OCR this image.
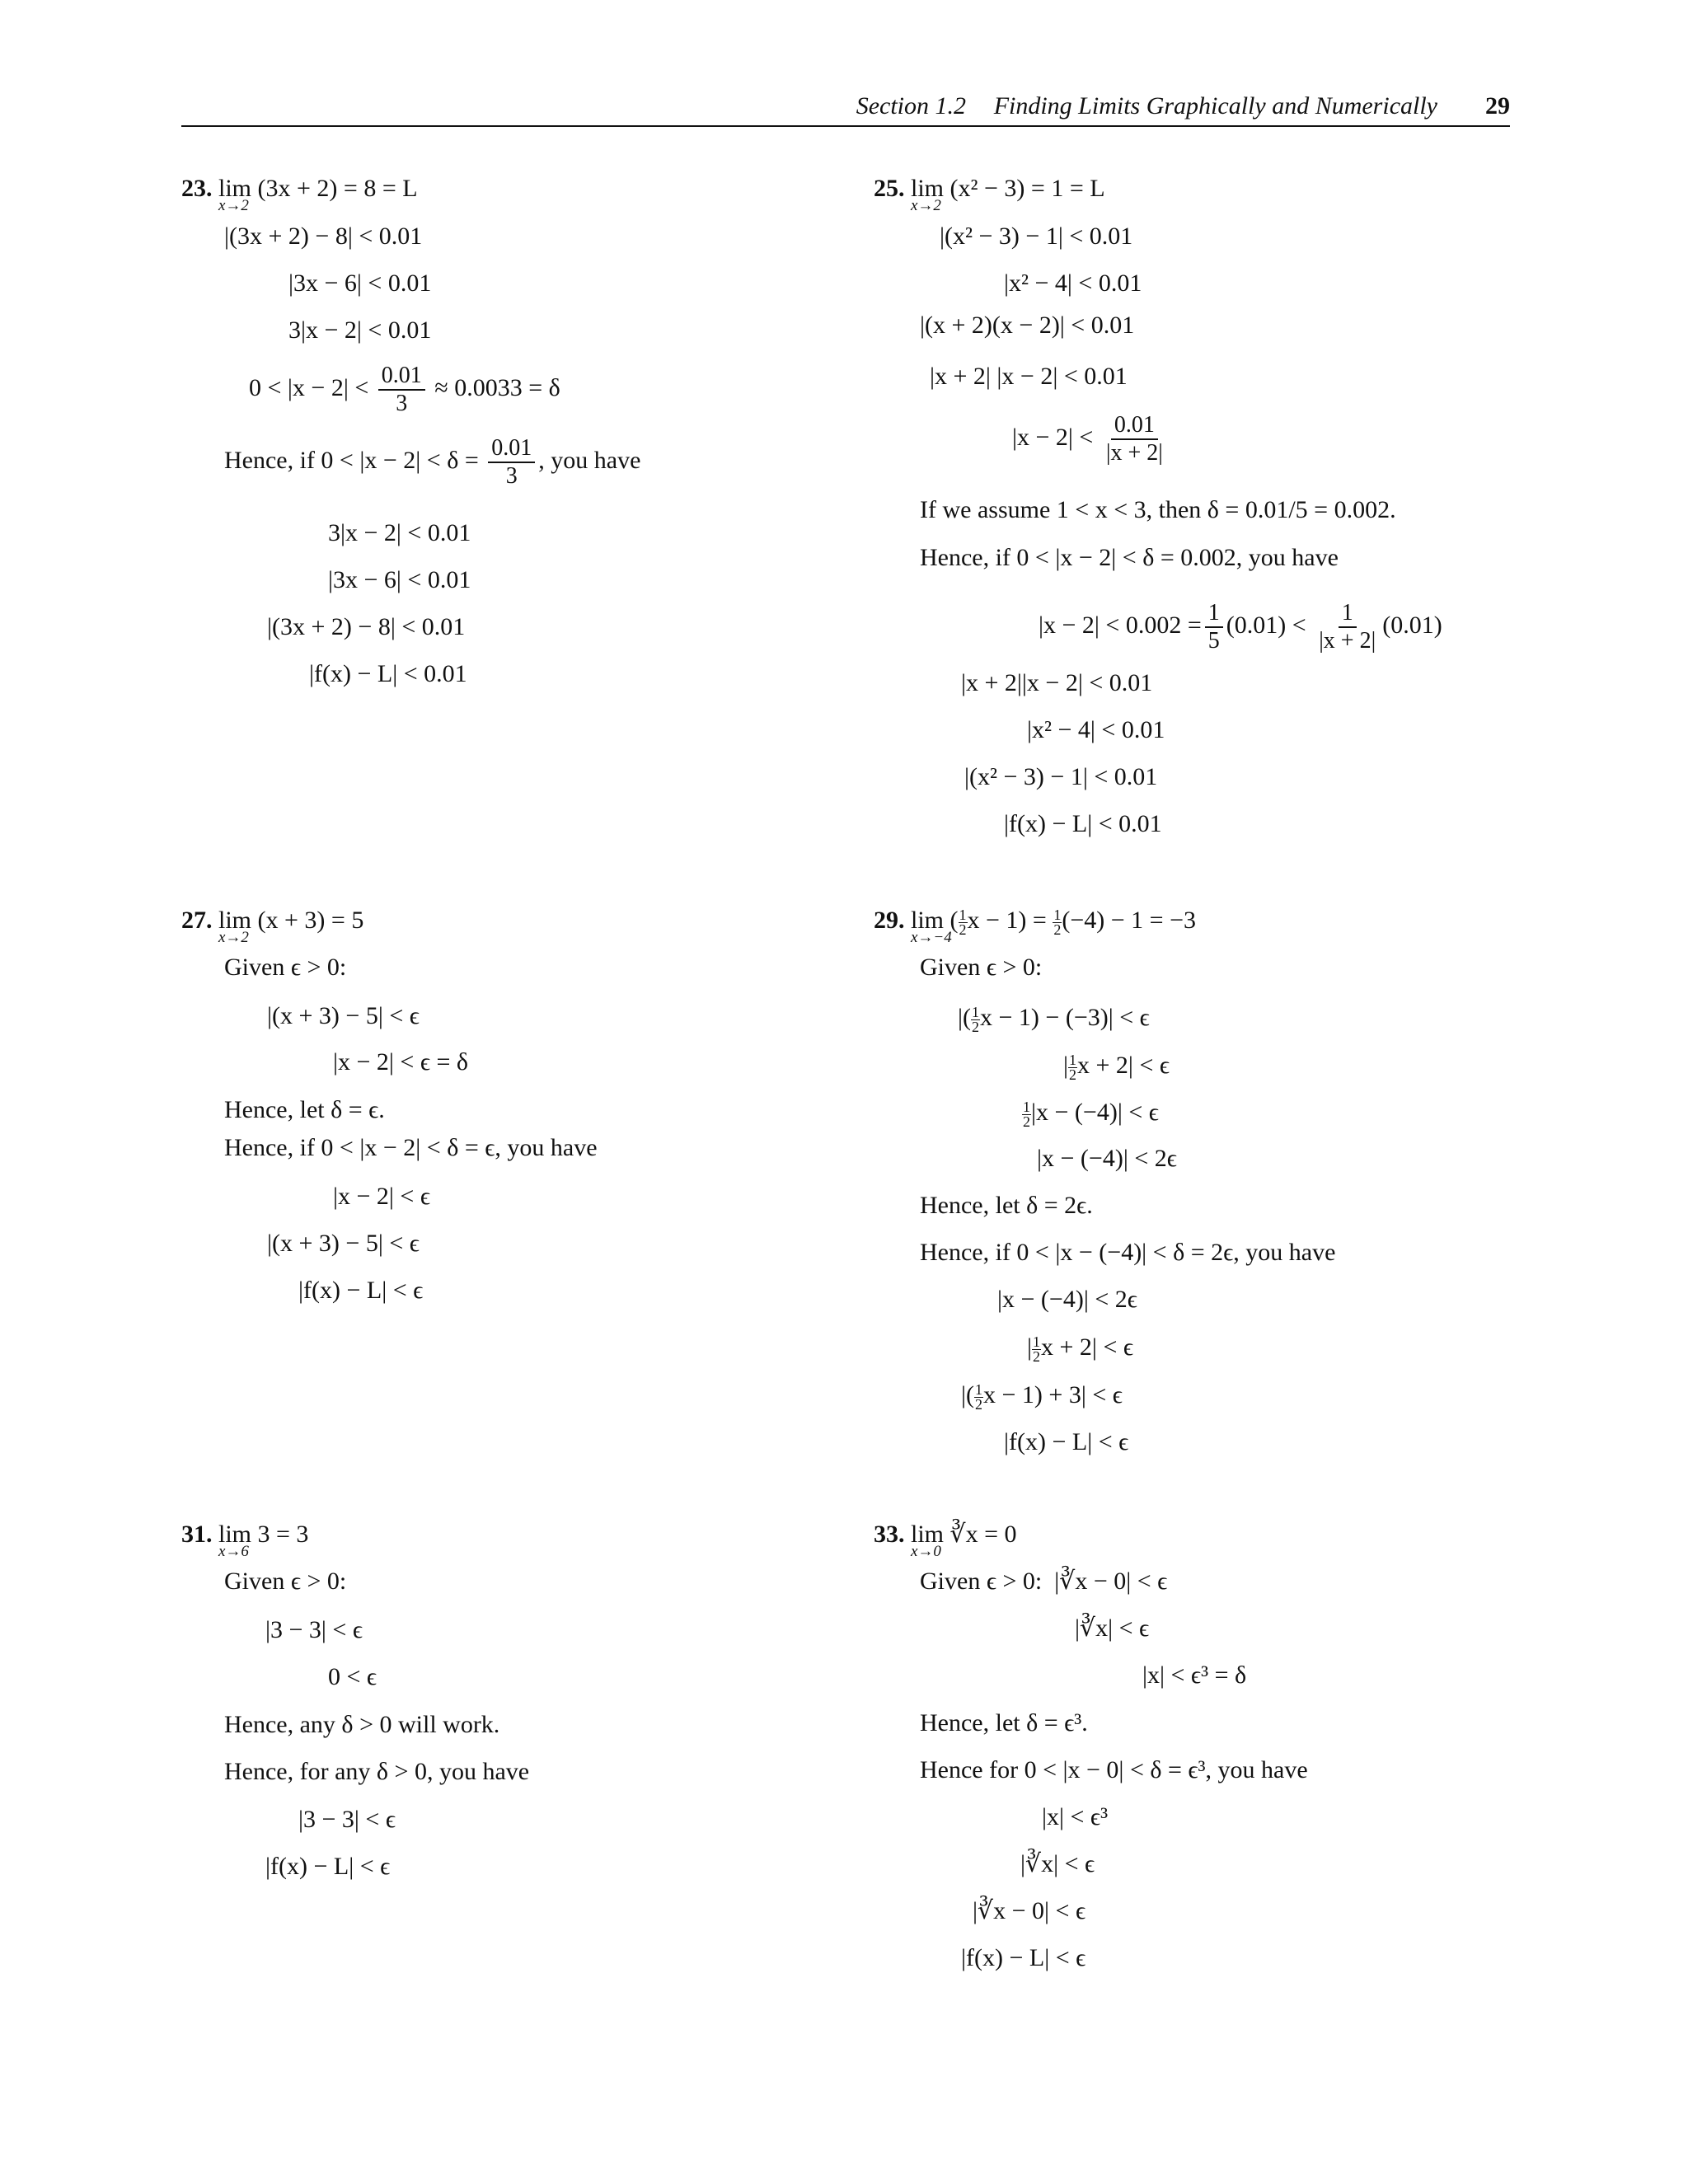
Section 1.2 Finding Limits Graphically and Numerically 29
23. lim
x→2
(3x + 2) = 8 = L
|(3x + 2) − 8| < 0.01
|3x − 6| < 0.01
3|x − 2| < 0.01
$0 < |x - 2| < \frac{0.01}{3} \approx 0.0033 = \delta$
Hence, if $0 < |x - 2| < \delta = \frac{0.01}{3}$ , you have
3|x − 2| < 0.01
|3x − 6| < 0.01
|(3x + 2) − 8| < 0.01
|f(x) − L| < 0.01
25. lim
x→2
(x² − 3) = 1 = L
|(x² − 3) − 1| < 0.01
|x² − 4| < 0.01
|(x + 2)(x − 2)| < 0.01
|x + 2| |x − 2| < 0.01
$|x - 2| < \frac{0.01}{|x + 2|}$
If we assume 1 < x < 3, then δ = 0.01/5 = 0.002.
Hence, if 0 < |x − 2| < δ = 0.002, you have
$|x - 2| < 0.002 = \frac{1}{5} (0.01) < \frac{1}{|x + 2|} (0.01)$
|x + 2||x − 2| < 0.01
|x² − 4| < 0.01
|(x² − 3) − 1| < 0.01
|f(x) − L| < 0.01
27. lim
x→2
(x + 3) = 5
Given ϵ > 0:
|(x + 3) − 5| < ϵ
|x − 2| < ϵ = δ
Hence, let δ = ϵ.
Hence, if 0 < |x − 2| < δ = ϵ, you have
|x − 2| < ϵ
|(x + 3) − 5| < ϵ
|f(x) − L| < ϵ
29. lim
x→−4
( $\frac{1}{2}$ $x - 1) = \frac{1}{2} (-4) - 1 = -3$
Given ϵ > 0:
|( $\frac{1}{2}$ x − 1) − (−3)| < ϵ
| $\frac{1}{2}$ x + 2| < ϵ
$\frac{1}{2} |x - (-4)| < \epsilon$
|x − (−4)| < 2ϵ
Hence, let δ = 2ϵ.
Hence, if 0 < |x − (−4)| < δ = 2ϵ, you have
|x − (−4)| < 2ϵ
| $\frac{1}{2}$ x + 2| < ϵ
|( $\frac{1}{2}$ x − 1) + 3| < ϵ
|f(x) − L| < ϵ
31. lim
x→6
3 = 3
Given ϵ > 0:
|3 − 3| < ϵ
0 < ϵ
Hence, any δ > 0 will work.
Hence, for any δ > 0, you have
|3 − 3| < ϵ
|f(x) − L| < ϵ
33. lim
x→0
∛x = 0
Given ϵ > 0: |∛x − 0| < ϵ
|∛x| < ϵ
|x| < ϵ³ = δ
Hence, let δ = ϵ³.
Hence for 0 < |x − 0| < δ = ϵ³, you have
|x| < ϵ³
|∛x| < ϵ
|∛x − 0| < ϵ
|f(x) − L| < ϵ
